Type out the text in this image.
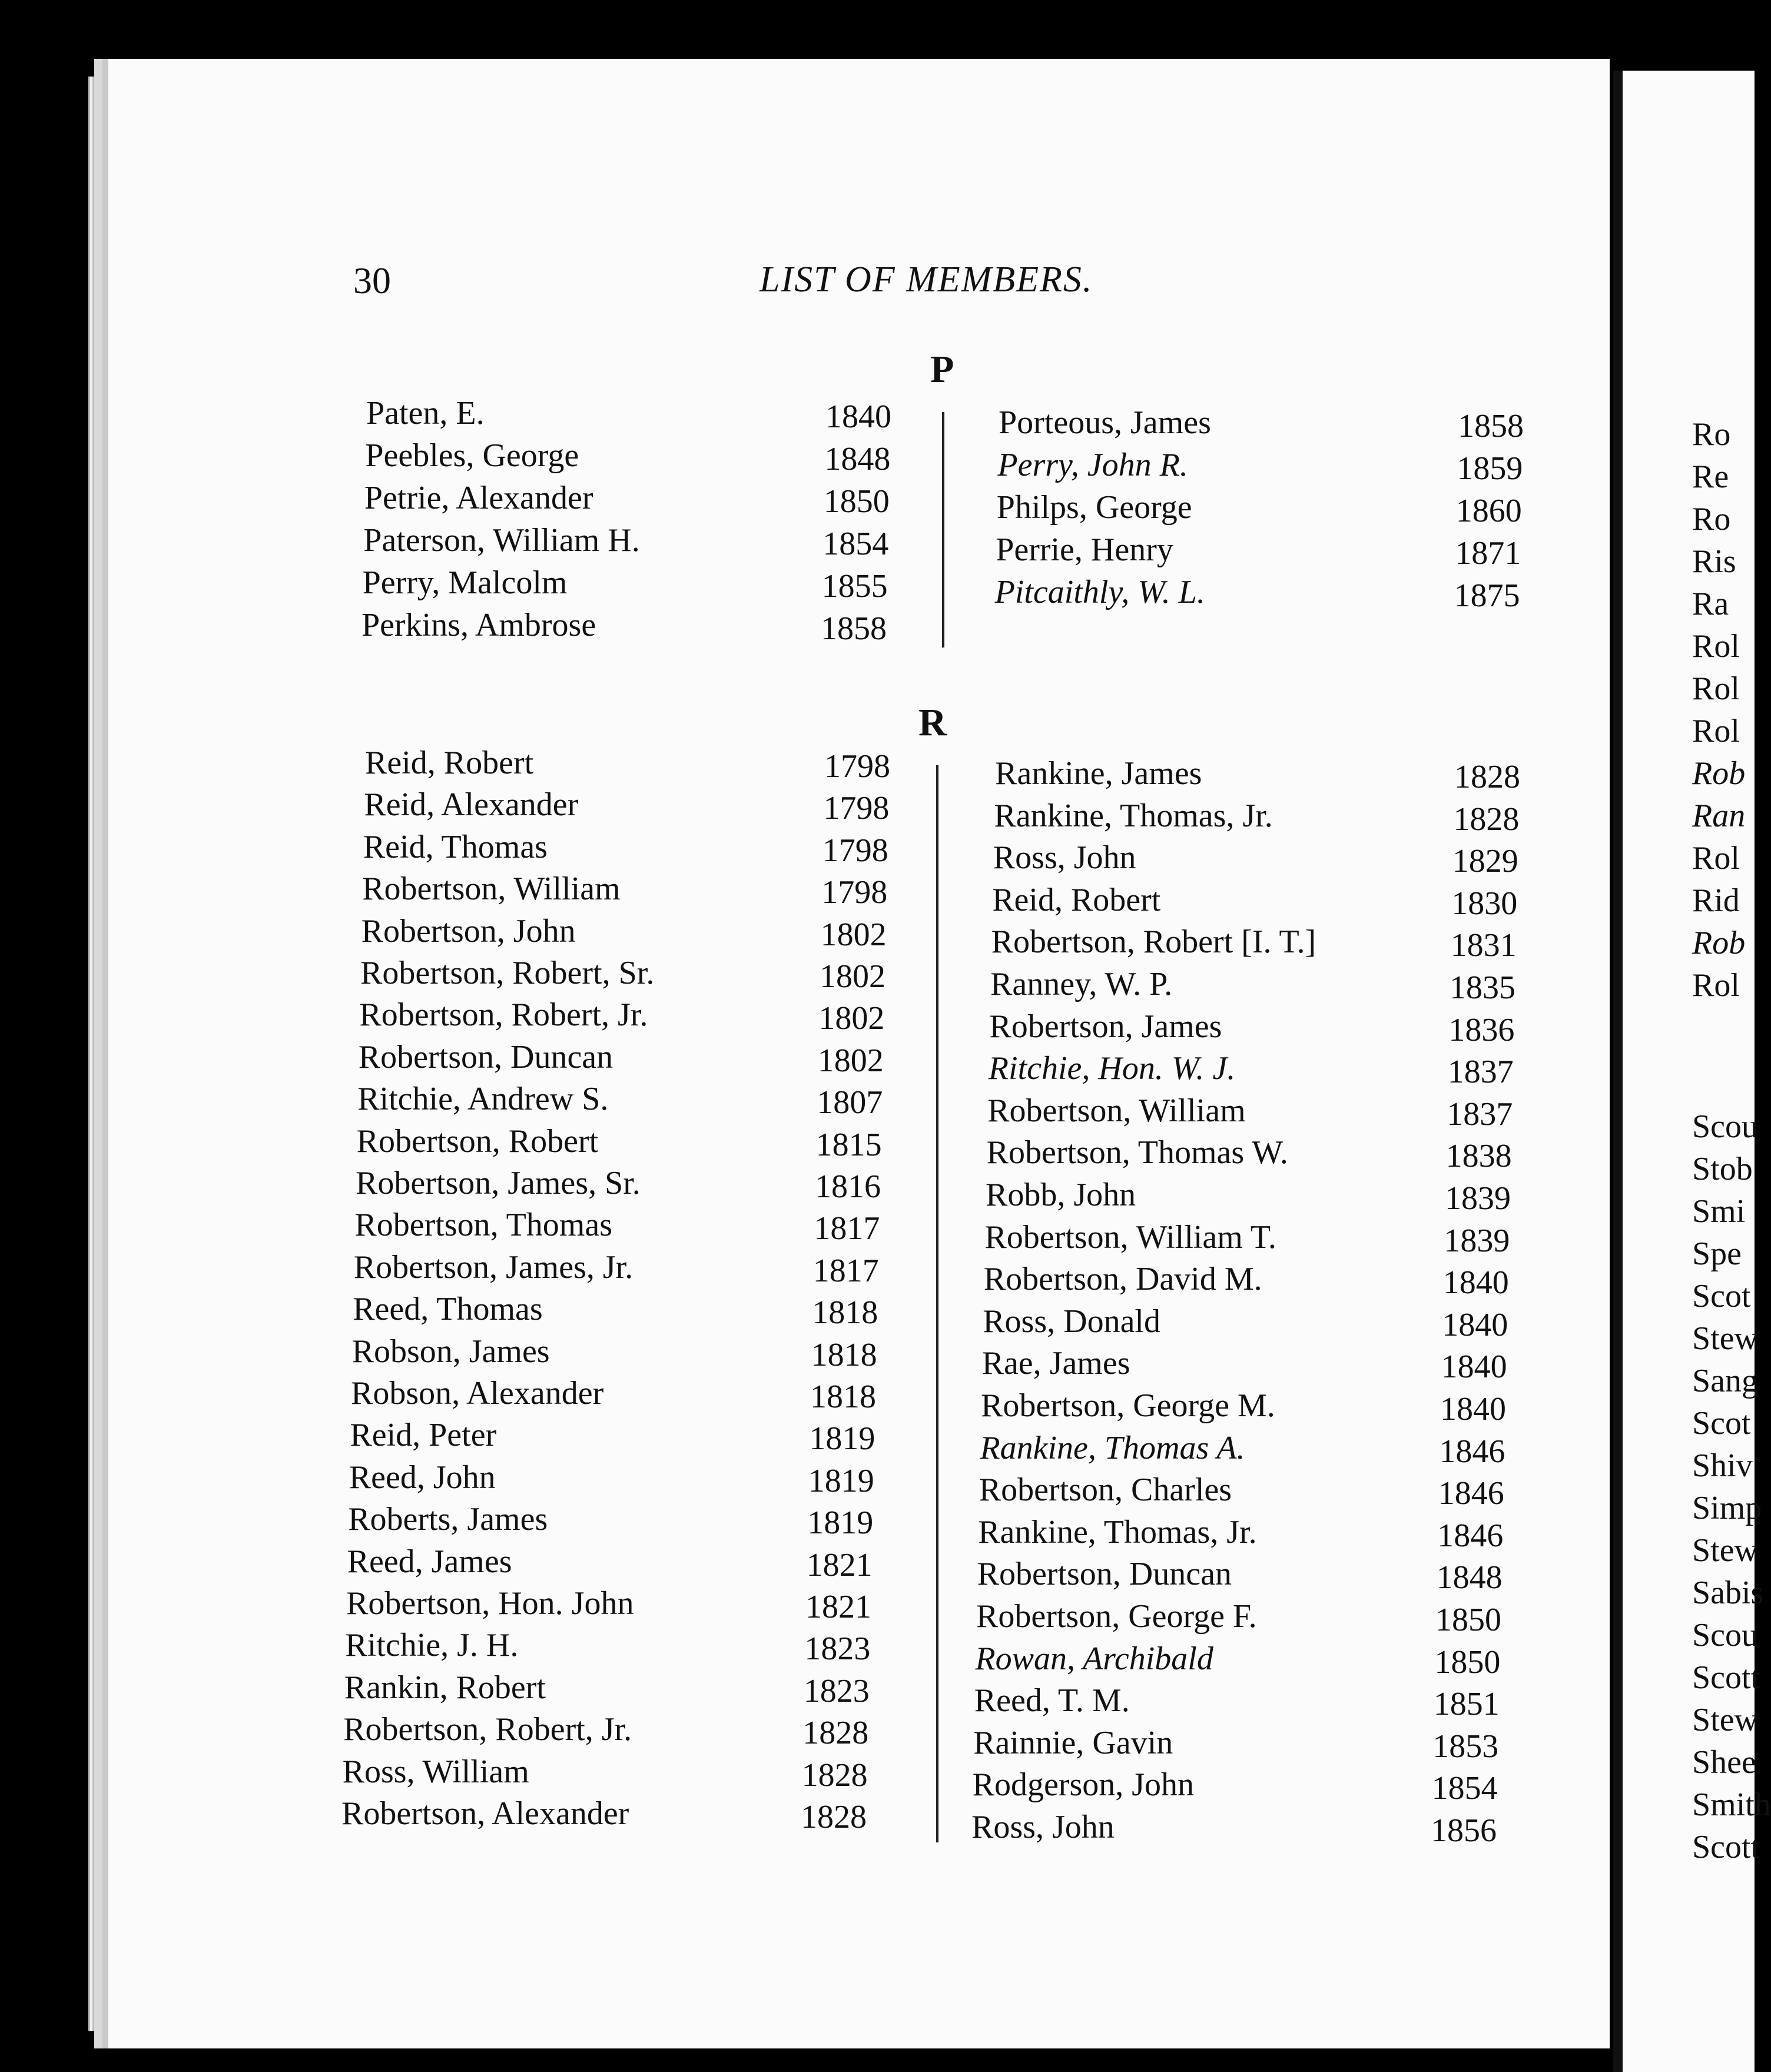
30	LIST OF MEMBERS.
P
R
Paten, E.	1840
Peebles, George	1848
Petrie, Alexander	1850
Paterson, William H.	1854
Perry, Malcolm	1855
Perkins, Ambrose	1858
Porteous, James	1858
Perry, John R.	1859
Philps, George	1860
Perrie, Henry	1871
Pitcaithly, W. L.	1875
Reid, Robert	1798
Reid, Alexander	1798
Reid, Thomas	1798
Robertson, William	1798
Robertson, John	1802
Robertson, Robert, Sr.	1802
Robertson, Robert, Jr.	1802
Robertson, Duncan	1802
Ritchie, Andrew S.	1807
Robertson, Robert	1815
Robertson, James, Sr.	1816
Robertson, Thomas	1817
Robertson, James, Jr.	1817
Reed, Thomas	1818
Robson, James	1818
Robson, Alexander	1818
Reid, Peter	1819
Reed, John	1819
Roberts, James	1819
Reed, James	1821
Robertson, Hon. John	1821
Ritchie, J. H.	1823
Rankin, Robert	1823
Robertson, Robert, Jr.	1828
Ross, William	1828
Robertson, Alexander	1828
Rankine, James	1828
Rankine, Thomas, Jr.	1828
Ross, John	1829
Reid, Robert	1830
Robertson, Robert [I. T.]	1831
Ranney, W. P.	1835
Robertson, James	1836
Ritchie, Hon. W. J.	1837
Robertson, William	1837
Robertson, Thomas W.	1838
Robb, John	1839
Robertson, William T.	1839
Robertson, David M.	1840
Ross, Donald	1840
Rae, James	1840
Robertson, George M.	1840
Rankine, Thomas A.	1846
Robertson, Charles	1846
Rankine, Thomas, Jr.	1846
Robertson, Duncan	1848
Robertson, George F.	1850
Rowan, Archibald	1850
Reed, T. M.	1851
Rainnie, Gavin	1853
Rodgerson, John	1854
Ross, John	1856
Ro
Re
Ro
Ris
Ra
Rol
Rol
Rol
Rob
Ran
Rol
Rid
Rob
Rol
Scou
Stob
Smi
Spe
Scot
Stew
Sang
Scot
Shiv
Simp
Stew
Sabis
Scou
Scott
Stew
Shee
Smith
Scott
